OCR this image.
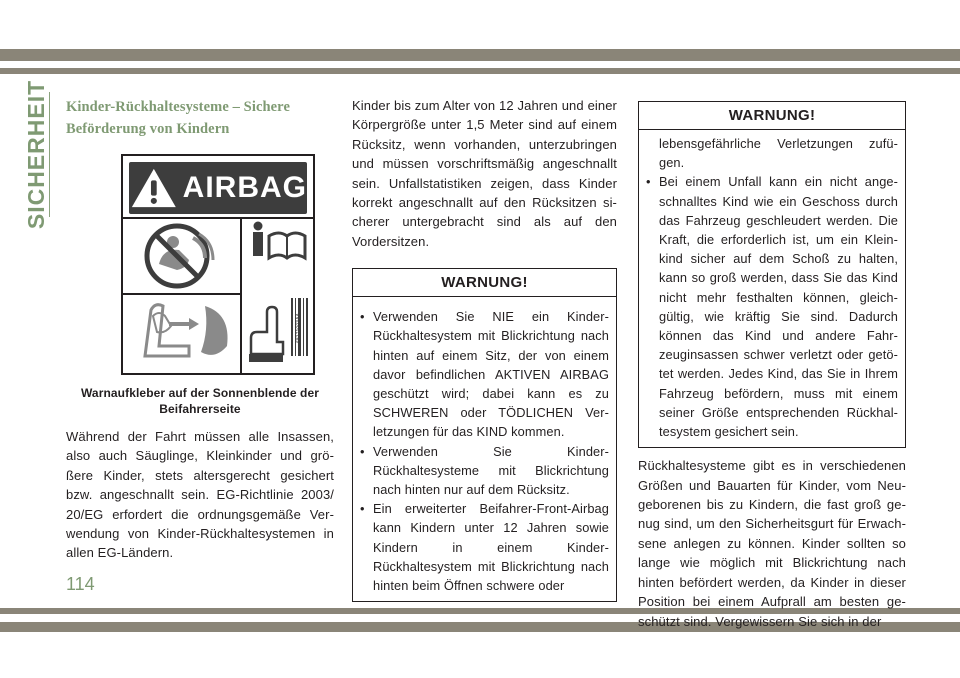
SICHERHEIT
114
Kinder-Rückhaltesysteme – Sichere
Beförderung von Kindern
AIRBAG
68171003AA
Warnaufkleber auf der Sonnenblende der
Beifahrerseite

Während der Fahrt müssen alle Insassen, also auch Säuglinge, Kleinkinder und grö-ßere Kinder, stets altersgerecht gesichert bzw. angeschnallt sein. EG-Richtlinie 2003/ 20/EG erfordert die ordnungsgemäße Ver-wendung von Kinder-Rückhaltesystemen in allen EG-Ländern.

Kinder bis zum Alter von 12 Jahren und einer Körpergröße unter 1,5 Meter sind auf einem Rücksitz, wenn vorhanden, unterzubringen und müssen vorschriftsmäßig angeschnallt sein. Unfallstatistiken zeigen, dass Kinder korrekt angeschnallt auf den Rücksitzen si-cherer untergebracht sind als auf den Vordersitzen.

WARNUNG!
• Verwenden Sie NIE ein Kinder-Rückhaltesystem mit Blickrichtung nach hinten auf einem Sitz, der von einem davor befindlichen AKTIVEN AIRBAG geschützt wird; dabei kann es zu SCHWEREN oder TÖDLICHEN Ver-letzungen für das KIND kommen.
• Verwenden Sie Kinder-Rückhaltesysteme mit Blickrichtung nach hinten nur auf dem Rücksitz.
• Ein erweiterter Beifahrer-Front-Airbag kann Kindern unter 12 Jahren sowie Kindern in einem Kinder-Rückhaltesystem mit Blickrichtung nach hinten beim Öffnen schwere oder
WARNUNG!
lebensgefährliche Verletzungen zufü-gen.
• Bei einem Unfall kann ein nicht ange-schnalltes Kind wie ein Geschoss durch das Fahrzeug geschleudert werden. Die Kraft, die erforderlich ist, um ein Klein-kind sicher auf dem Schoß zu halten, kann so groß werden, dass Sie das Kind nicht mehr festhalten können, gleich-gültig, wie kräftig Sie sind. Dadurch können das Kind und andere Fahr-zeuginsassen schwer verletzt oder getö-tet werden. Jedes Kind, das Sie in Ihrem Fahrzeug befördern, muss mit einem seiner Größe entsprechenden Rückhal-tesystem gesichert sein.

Rückhaltesysteme gibt es in verschiedenen Größen und Bauarten für Kinder, vom Neu-geborenen bis zu Kindern, die fast groß ge-nug sind, um den Sicherheitsgurt für Erwach-sene anlegen zu können. Kinder sollten so lange wie möglich mit Blickrichtung nach hinten befördert werden, da Kinder in dieser Position bei einem Aufprall am besten ge-schützt sind. Vergewissern Sie sich in der
